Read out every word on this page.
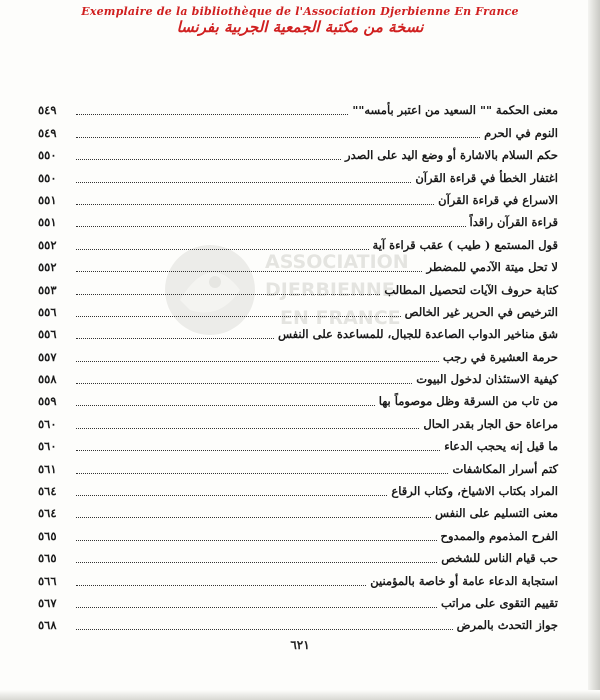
Exemplaire de la bibliothèque de l'Association Djerbienne En France
نسخة من مكتبة الجمعية الجربية بفرنسا
ASSOCIATION
DJERBIENNE
EN FRANCE
معنى الحكمة "" السعيد من اعتبر بأمسه""
٥٤٩
النوم في الحرم
٥٤٩
حكم السلام بالاشارة أو وضع اليد على الصدر
٥٥٠
اغتفار الخطأ في قراءة القرآن
٥٥٠
الاسراع في قراءة القرآن
٥٥١
قراءة القرآن راقداً
٥٥١
قول المستمع ( طيب ) عقب قراءة آية
٥٥٢
لا تحل ميتة الآدمي للمضطر
٥٥٢
كتابة حروف الآيات لتحصيل المطالب
٥٥٣
الترخيص في الحرير غير الخالص
٥٥٦
شق مناخير الدواب الصاعدة للجبال، للمساعدة على النفس
٥٥٦
حرمة العشيرة في رجب
٥٥٧
كيفية الاستئذان لدخول البيوت
٥٥٨
من تاب من السرقة وظل موصوماً بها
٥٥٩
مراعاة حق الجار بقدر الحال
٥٦٠
ما قيل إنه يحجب الدعاء
٥٦٠
كتم أسرار المكاشفات
٥٦١
المراد بكتاب الاشياخ، وكتاب الرقاع
٥٦٤
معنى التسليم على النفس
٥٦٤
الفرح المذموم والممدوح
٥٦٥
حب قيام الناس للشخص
٥٦٥
استجابة الدعاء عامة أو خاصة بالمؤمنين
٥٦٦
تقييم التقوى على مراتب
٥٦٧
جواز التحدث بالمرض
٥٦٨
٦٢١
